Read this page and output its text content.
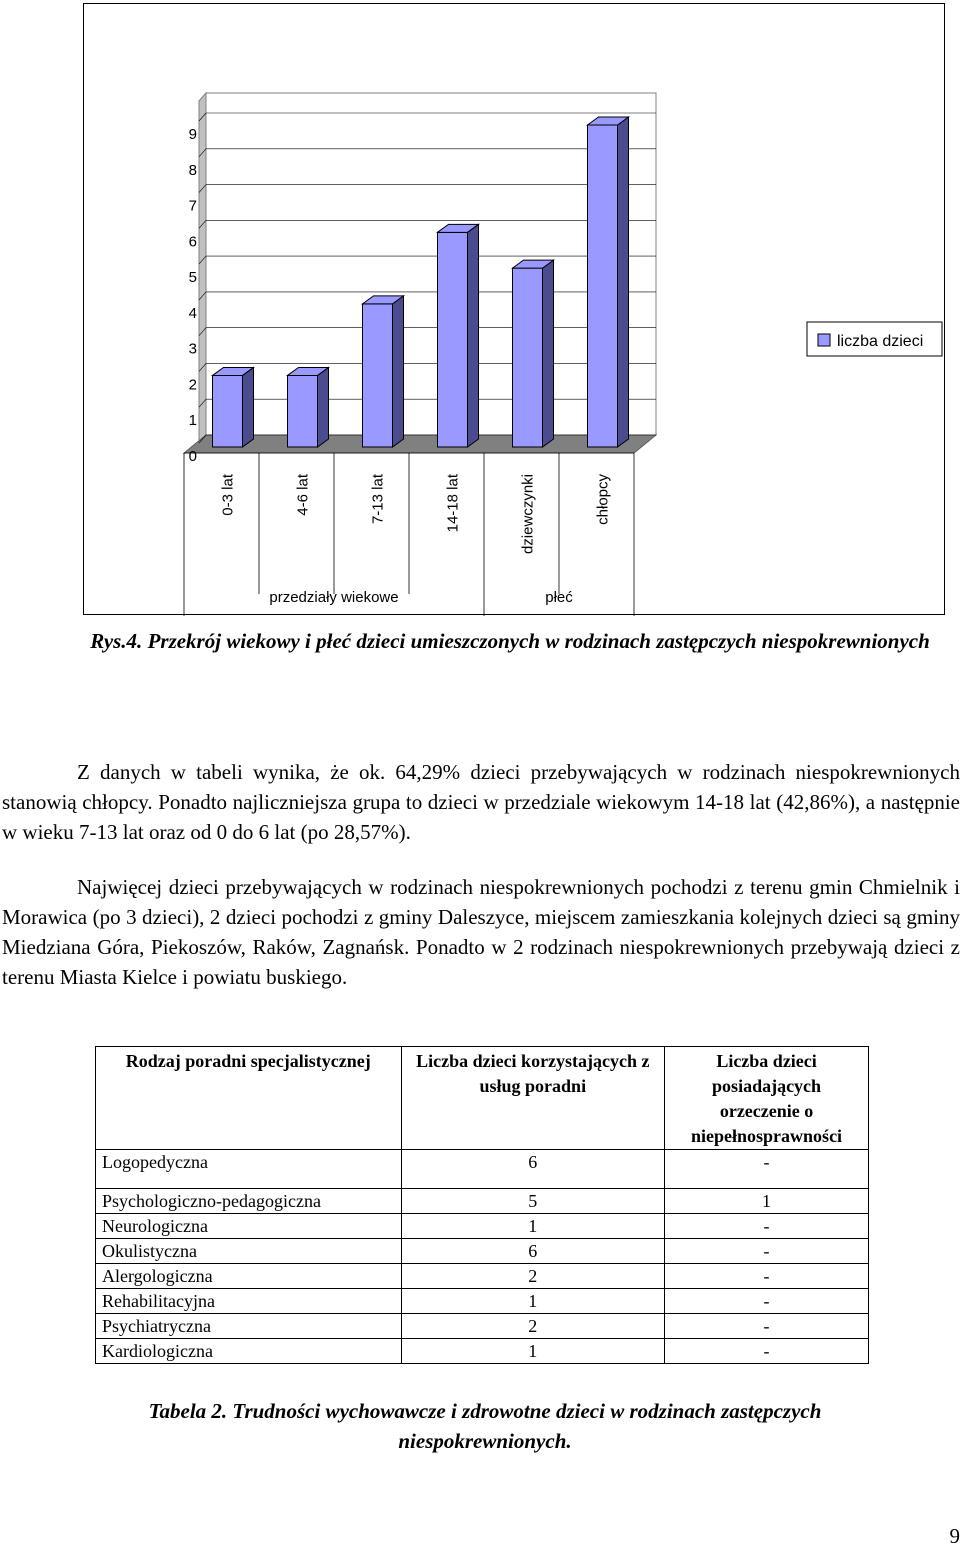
0
1
2
3
4
5
6
7
8
9
0-3 lat	4-6 lat	7-13 lat	14-18 lat	dziewczynki	chłopcy
przedziały wiekowe	płeć
liczba dzieci
Rys.4. Przekrój wiekowy i płeć dzieci umieszczonych w rodzinach zastępczych niespokrewnionych

Z danych w tabeli wynika, że ok. 64,29% dzieci przebywających w rodzinach niespokrewnionych stanowią chłopcy. Ponadto najliczniejsza grupa to dzieci w przedziale wiekowym 14-18 lat (42,86%), a następnie w wieku 7-13 lat oraz od 0 do 6 lat (po 28,57%).

Najwięcej dzieci przebywających w rodzinach niespokrewnionych pochodzi z terenu gmin Chmielnik i Morawica (po 3 dzieci), 2 dzieci pochodzi z gminy Daleszyce, miejscem zamieszkania kolejnych dzieci są gminy Miedziana Góra, Piekoszów, Raków, Zagnańsk. Ponadto w 2 rodzinach niespokrewnionych przebywają dzieci z terenu Miasta Kielce i powiatu buskiego.

Rodzaj poradni specjalistycznej	Liczba dzieci korzystających z usług poradni	Liczba dzieci posiadających orzeczenie o niepełnosprawności
Logopedyczna	6	-
Psychologiczno-pedagogiczna	5	1
Neurologiczna	1	-
Okulistyczna	6	-
Alergologiczna	2	-
Rehabilitacyjna	1	-
Psychiatryczna	2	-
Kardiologiczna	1	-
Tabela 2. Trudności wychowawcze i zdrowotne dzieci w rodzinach zastępczych niespokrewnionych.
9
